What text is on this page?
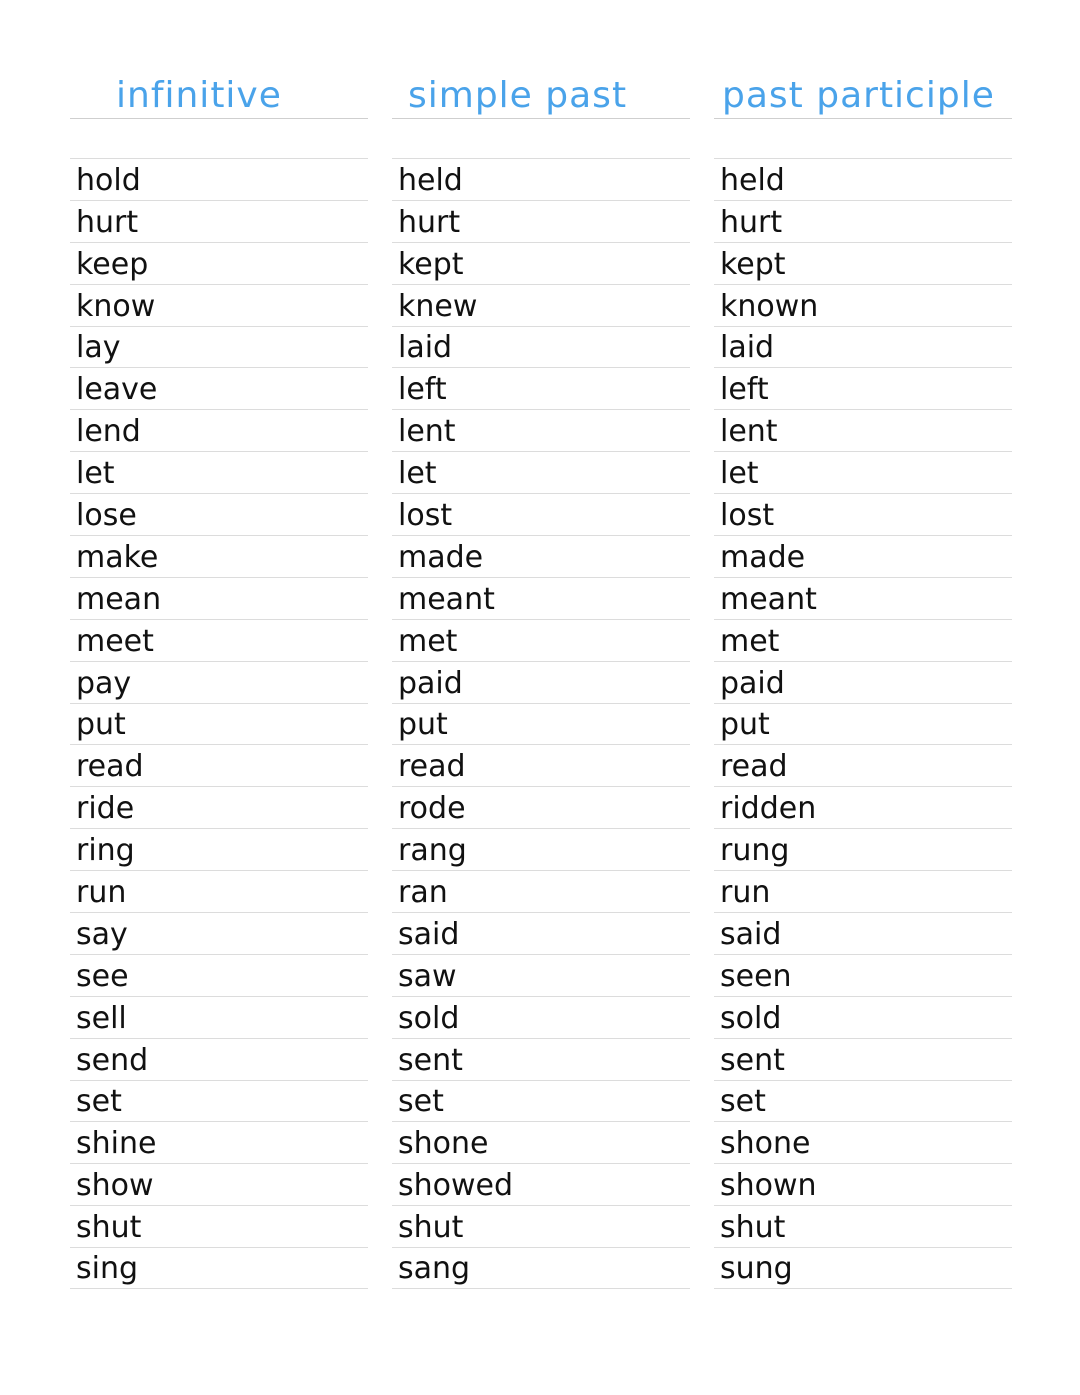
infinitive
hold
hurt
keep
know
lay
leave
lend
let
lose
make
mean
meet
pay
put
read
ride
ring
run
say
see
sell
send
set
shine
show
shut
sing
simple past
held
hurt
kept
knew
laid
left
lent
let
lost
made
meant
met
paid
put
read
rode
rang
ran
said
saw
sold
sent
set
shone
showed
shut
sang
past participle
held
hurt
kept
known
laid
left
lent
let
lost
made
meant
met
paid
put
read
ridden
rung
run
said
seen
sold
sent
set
shone
shown
shut
sung
